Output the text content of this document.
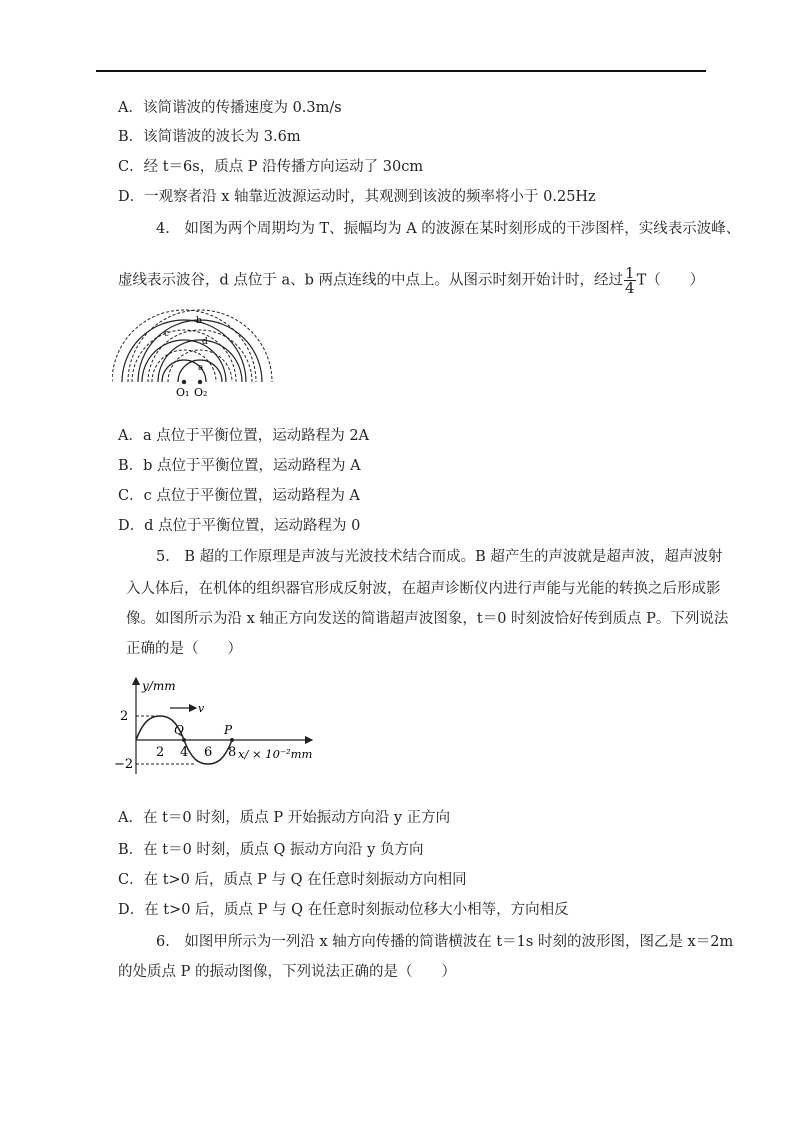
A．该简谐波的传播速度为 0.3m/s
B．该简谐波的波长为 3.6m
C．经 t＝6s，质点 P 沿传播方向运动了 30cm
D．一观察者沿 x 轴靠近波源运动时，其观测到该波的频率将小于 0.25Hz
4.　如图为两个周期均为 T、振幅均为 A 的波源在某时刻形成的干涉图样，实线表示波峰、
虚线表示波谷，d 点位于 a、b 两点连线的中点上。从图示时刻开始计时，经过 $\frac{1}{4} T$（　　）
a
b
c
d
O₁ O₂
A．a 点位于平衡位置，运动路程为 2A
B．b 点位于平衡位置，运动路程为 A
C．c 点位于平衡位置，运动路程为 A
D．d 点位于平衡位置，运动路程为 0
5.　B 超的工作原理是声波与光波技术结合而成。B 超产生的声波就是超声波，超声波射
入人体后，在机体的组织器官形成反射波，在超声诊断仪内进行声能与光能的转换之后形成影
像。如图所示为沿 x 轴正方向发送的简谐超声波图象，t＝0 时刻波恰好传到质点 P。下列说法
正确的是（　　）
y/mm
v
2
−2
Q	P
2 4 6 8 x/ × 10⁻²mm
A．在 t＝0 时刻，质点 P 开始振动方向沿 y 正方向
B．在 t＝0 时刻，质点 Q 振动方向沿 y 负方向
C．在 t>0 后，质点 P 与 Q 在任意时刻振动方向相同
D．在 t>0 后，质点 P 与 Q 在任意时刻振动位移大小相等，方向相反
6.　如图甲所示为一列沿 x 轴方向传播的简谐横波在 t＝1s 时刻的波形图，图乙是 x＝2m
的处质点 P 的振动图像，下列说法正确的是（　　）
